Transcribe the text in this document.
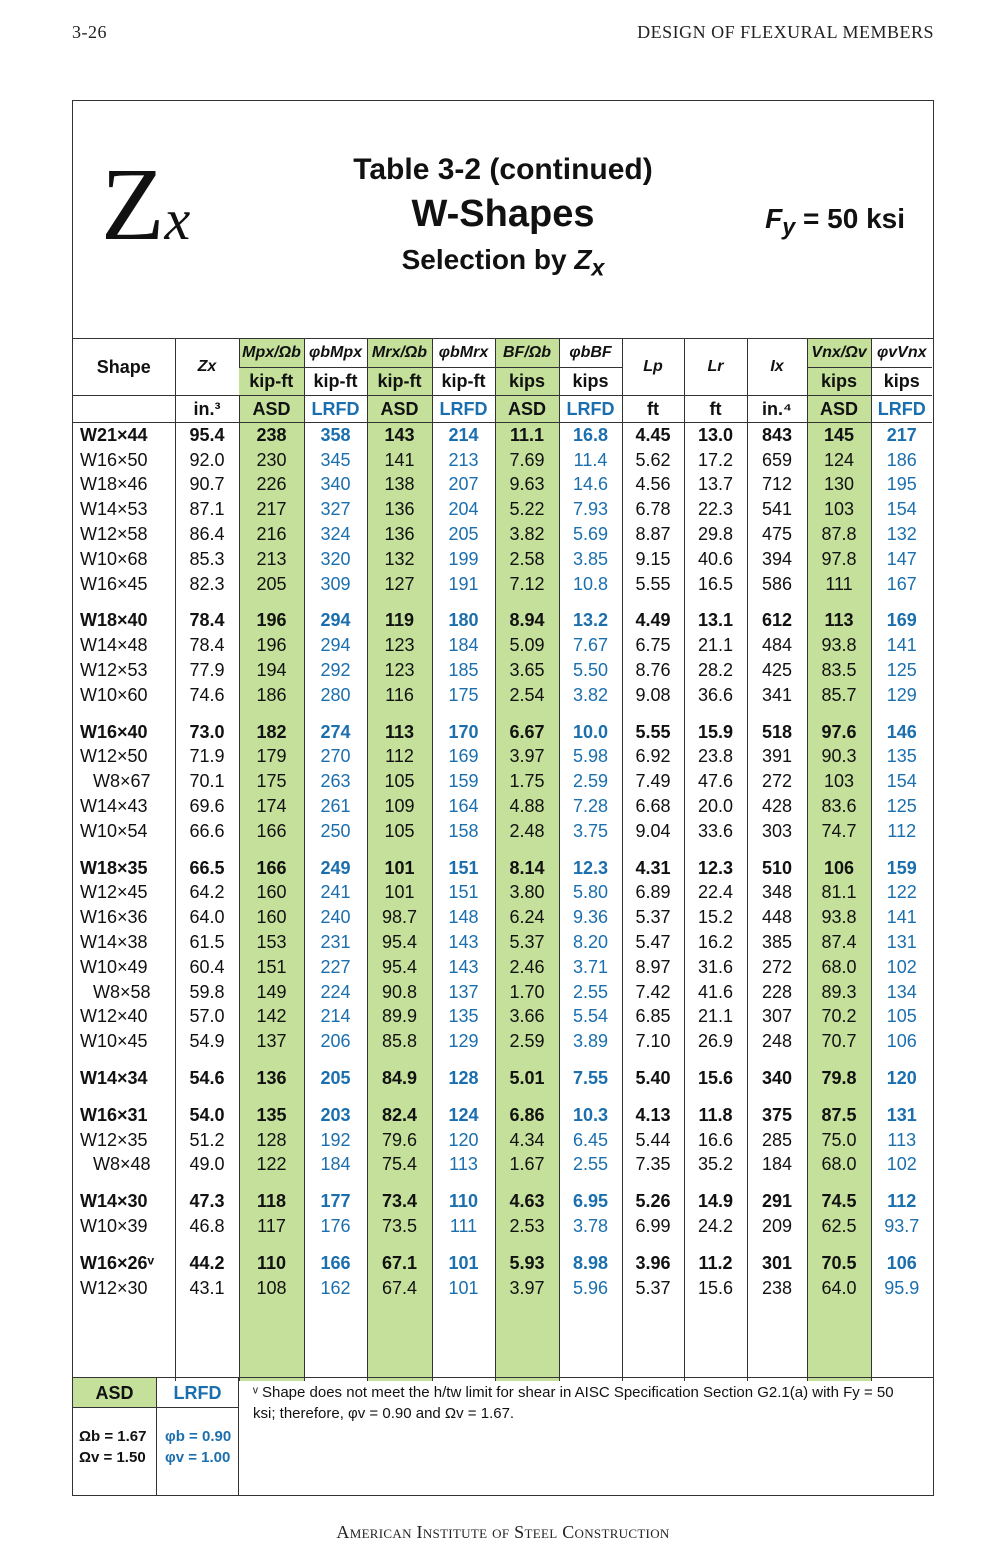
3-26	DESIGN OF FLEXURAL MEMBERS
Zx
Table 3-2 (continued)
W-Shapes
Selection by $Z_x$
$F_y = 50$ ksi
Shape	Zx	Mpx/Ωb	φbMpx	Mrx/Ωb	φbMrx	BF/Ωb	φbBF	Lp	Lr	Ix	Vnx/Ωv	φvVnx
		kip-ft	kip-ft	kip-ft	kip-ft	kips	kips				kips	kips
	in.³	ASD	LRFD	ASD	LRFD	ASD	LRFD	ft	ft	in.⁴	ASD	LRFD
W21×44	95.4	238	358	143	214	11.1	16.8	4.45	13.0	843	145	217
W16×50	92.0	230	345	141	213	7.69	11.4	5.62	17.2	659	124	186
W18×46	90.7	226	340	138	207	9.63	14.6	4.56	13.7	712	130	195
W14×53	87.1	217	327	136	204	5.22	7.93	6.78	22.3	541	103	154
W12×58	86.4	216	324	136	205	3.82	5.69	8.87	29.8	475	87.8	132
W10×68	85.3	213	320	132	199	2.58	3.85	9.15	40.6	394	97.8	147
W16×45	82.3	205	309	127	191	7.12	10.8	5.55	16.5	586	111	167

W18×40	78.4	196	294	119	180	8.94	13.2	4.49	13.1	612	113	169
W14×48	78.4	196	294	123	184	5.09	7.67	6.75	21.1	484	93.8	141
W12×53	77.9	194	292	123	185	3.65	5.50	8.76	28.2	425	83.5	125
W10×60	74.6	186	280	116	175	2.54	3.82	9.08	36.6	341	85.7	129

W16×40	73.0	182	274	113	170	6.67	10.0	5.55	15.9	518	97.6	146
W12×50	71.9	179	270	112	169	3.97	5.98	6.92	23.8	391	90.3	135
W8×67	70.1	175	263	105	159	1.75	2.59	7.49	47.6	272	103	154
W14×43	69.6	174	261	109	164	4.88	7.28	6.68	20.0	428	83.6	125
W10×54	66.6	166	250	105	158	2.48	3.75	9.04	33.6	303	74.7	112

W18×35	66.5	166	249	101	151	8.14	12.3	4.31	12.3	510	106	159
W12×45	64.2	160	241	101	151	3.80	5.80	6.89	22.4	348	81.1	122
W16×36	64.0	160	240	98.7	148	6.24	9.36	5.37	15.2	448	93.8	141
W14×38	61.5	153	231	95.4	143	5.37	8.20	5.47	16.2	385	87.4	131
W10×49	60.4	151	227	95.4	143	2.46	3.71	8.97	31.6	272	68.0	102
W8×58	59.8	149	224	90.8	137	1.70	2.55	7.42	41.6	228	89.3	134
W12×40	57.0	142	214	89.9	135	3.66	5.54	6.85	21.1	307	70.2	105
W10×45	54.9	137	206	85.8	129	2.59	3.89	7.10	26.9	248	70.7	106

W14×34	54.6	136	205	84.9	128	5.01	7.55	5.40	15.6	340	79.8	120

W16×31	54.0	135	203	82.4	124	6.86	10.3	4.13	11.8	375	87.5	131
W12×35	51.2	128	192	79.6	120	4.34	6.45	5.44	16.6	285	75.0	113
W8×48	49.0	122	184	75.4	113	1.67	2.55	7.35	35.2	184	68.0	102

W14×30	47.3	118	177	73.4	110	4.63	6.95	5.26	14.9	291	74.5	112
W10×39	46.8	117	176	73.5	111	2.53	3.78	6.99	24.2	209	62.5	93.7

W16×26ᵛ	44.2	110	166	67.1	101	5.93	8.98	3.96	11.2	301	70.5	106
W12×30	43.1	108	162	67.4	101	3.97	5.96	5.37	15.6	238	64.0	95.9

ASD	LRFD
Ωb = 1.67
Ωv = 1.50
φb = 0.90
φv = 1.00
ᵛ Shape does not meet the h/tw limit for shear in AISC Specification Section G2.1(a) with Fy = 50 ksi; therefore, φv = 0.90 and Ωv = 1.67.
American Institute of Steel Construction
